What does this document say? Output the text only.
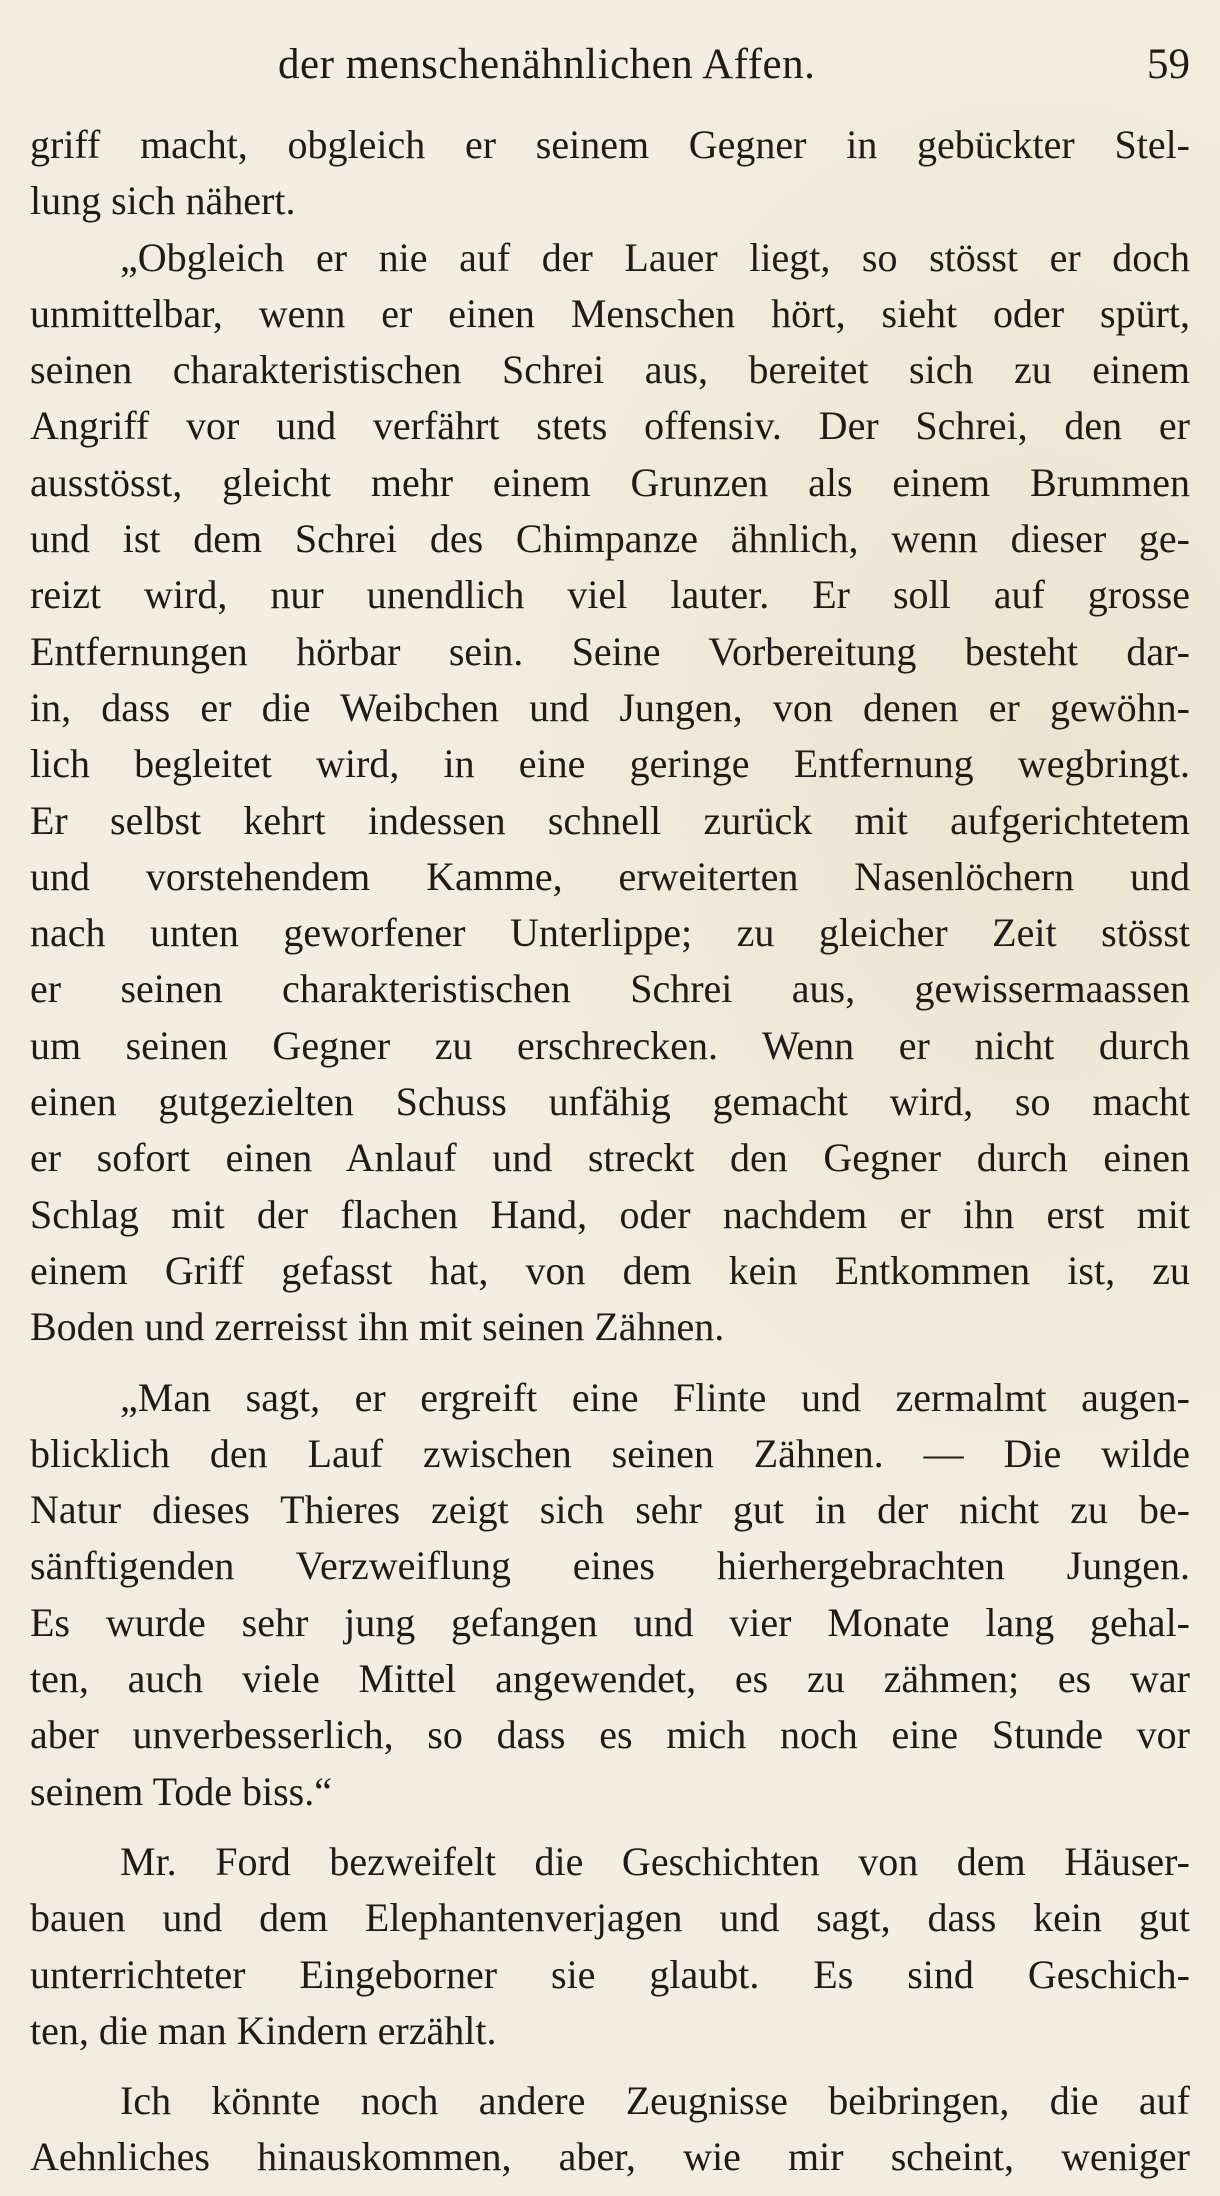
der menschenähnlichen Affen.	59
griff macht, obgleich er seinem Gegner in gebückter Stel-
lung sich nähert.
„Obgleich er nie auf der Lauer liegt, so stösst er doch
unmittelbar, wenn er einen Menschen hört, sieht oder spürt,
seinen charakteristischen Schrei aus, bereitet sich zu einem
Angriff vor und verfährt stets offensiv. Der Schrei, den er
ausstösst, gleicht mehr einem Grunzen als einem Brummen
und ist dem Schrei des Chimpanze ähnlich, wenn dieser ge-
reizt wird, nur unendlich viel lauter. Er soll auf grosse
Entfernungen hörbar sein. Seine Vorbereitung besteht dar-
in, dass er die Weibchen und Jungen, von denen er gewöhn-
lich begleitet wird, in eine geringe Entfernung wegbringt.
Er selbst kehrt indessen schnell zurück mit aufgerichtetem
und vorstehendem Kamme, erweiterten Nasenlöchern und
nach unten geworfener Unterlippe; zu gleicher Zeit stösst
er seinen charakteristischen Schrei aus, gewissermaassen
um seinen Gegner zu erschrecken. Wenn er nicht durch
einen gutgezielten Schuss unfähig gemacht wird, so macht
er sofort einen Anlauf und streckt den Gegner durch einen
Schlag mit der flachen Hand, oder nachdem er ihn erst mit
einem Griff gefasst hat, von dem kein Entkommen ist, zu
Boden und zerreisst ihn mit seinen Zähnen.
„Man sagt, er ergreift eine Flinte und zermalmt augen-
blicklich den Lauf zwischen seinen Zähnen. — Die wilde
Natur dieses Thieres zeigt sich sehr gut in der nicht zu be-
sänftigenden Verzweiflung eines hierhergebrachten Jungen.
Es wurde sehr jung gefangen und vier Monate lang gehal-
ten, auch viele Mittel angewendet, es zu zähmen; es war
aber unverbesserlich, so dass es mich noch eine Stunde vor
seinem Tode biss.“
Mr. Ford bezweifelt die Geschichten von dem Häuser-
bauen und dem Elephantenverjagen und sagt, dass kein gut
unterrichteter Eingeborner sie glaubt. Es sind Geschich-
ten, die man Kindern erzählt.
Ich könnte noch andere Zeugnisse beibringen, die auf
Aehnliches hinauskommen, aber, wie mir scheint, weniger
